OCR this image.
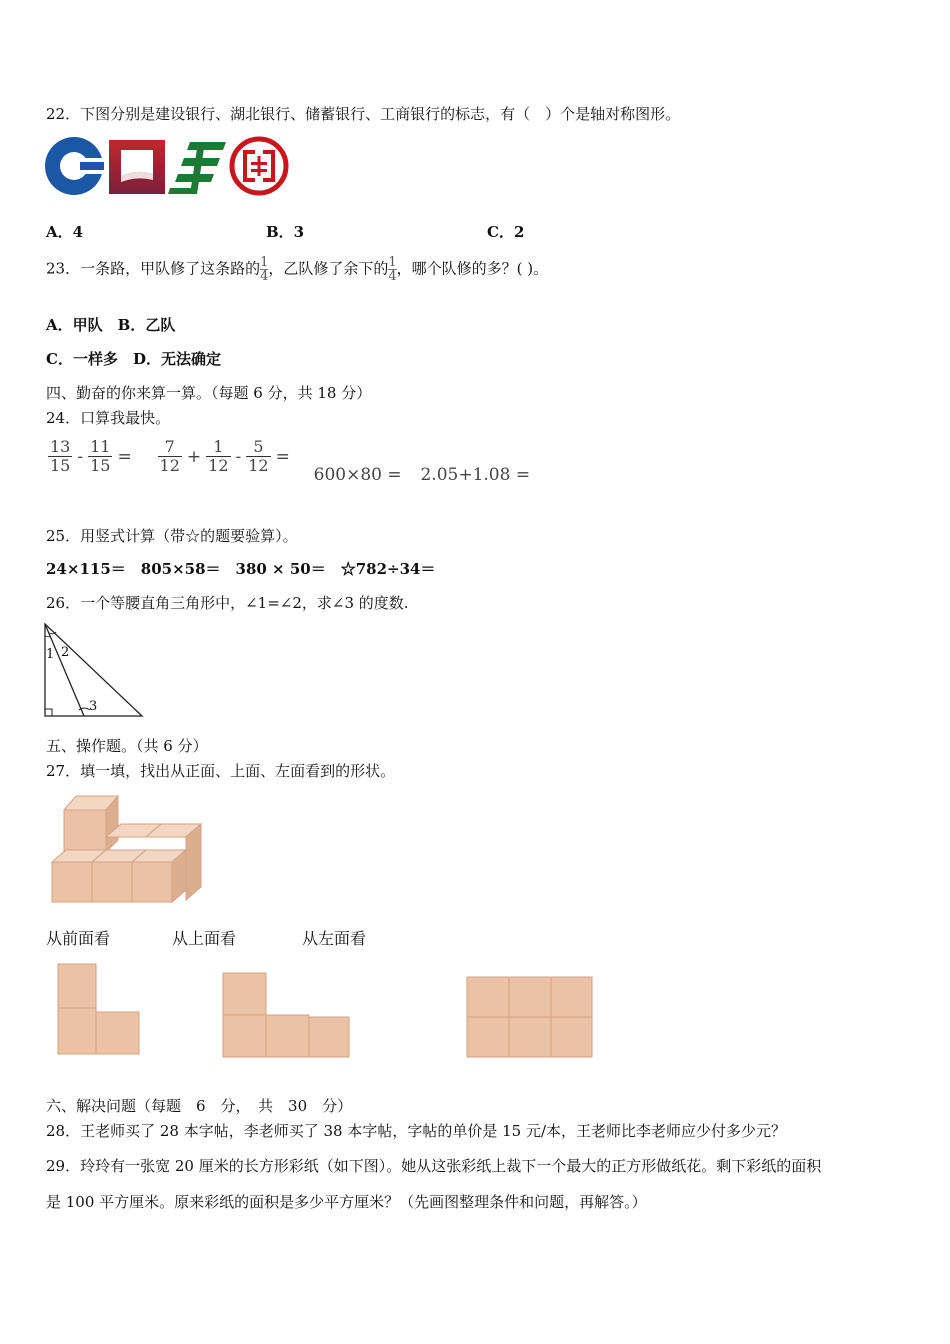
22．下图分别是建设银行、湖北银行、储蓄银行、工商银行的标志，有（　）个是轴对称图形。
A．4	B．3	C．2
23．一条路，甲队修了这条路的 $\frac{1}{4}$ ，乙队修了余下的 $\frac{1}{4}$ ，哪个队修的多？( )。
A．甲队　B．乙队
C．一样多　D．无法确定
四、勤奋的你来算一算。（每题 6 分，共 18 分）
24．口算我最快。
$\frac{13}{15} - \frac{11}{15} = \frac{7}{12} + \frac{1}{12} - \frac{5}{12} = 600\times 80 = 2.05+1.08$ =
25．用竖式计算（带☆的题要验算）。
24×115＝　805×58＝　380 × 50＝　☆782÷34＝
26．一个等腰直角三角形中，∠1=∠2，求∠3 的度数.
1 2
3
五、操作题。（共 6 分）
27．填一填，找出从正面、上面、左面看到的形状。
从前面看	从上面看	从左面看
六、解决问题（每题　6　分，　共　30　分）
28．王老师买了 28 本字帖，李老师买了 38 本字帖，字帖的单价是 15 元/本，王老师比李老师应少付多少元？
29．玲玲有一张宽 20 厘米的长方形彩纸（如下图）。她从这张彩纸上裁下一个最大的正方形做纸花。剩下彩纸的面积
是 100 平方厘米。原来彩纸的面积是多少平方厘米？（先画图整理条件和问题，再解答。）
